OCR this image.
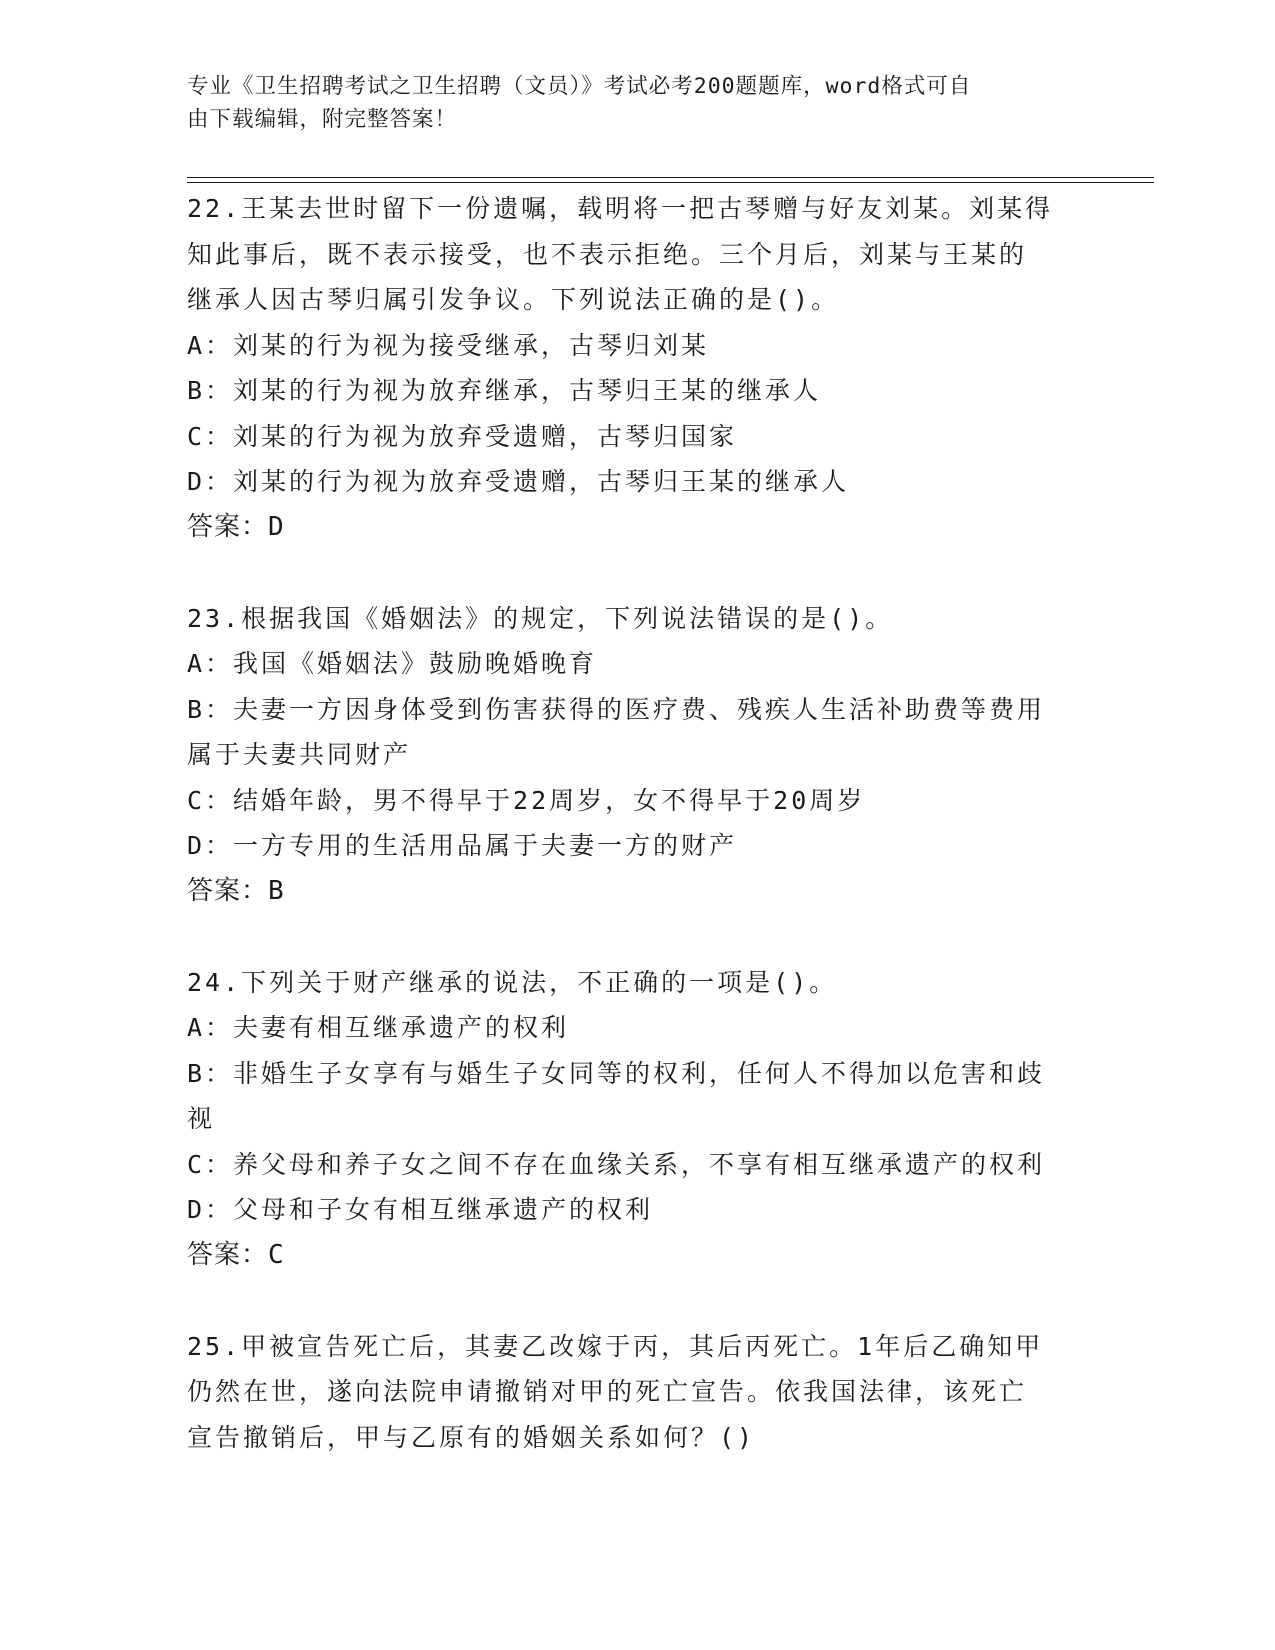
专业《卫生招聘考试之卫生招聘（文员）》考试必考200题题库，word格式可自
由下载编辑，附完整答案！
22.王某去世时留下一份遗嘱，载明将一把古琴赠与好友刘某。刘某得
知此事后，既不表示接受，也不表示拒绝。三个月后，刘某与王某的
继承人因古琴归属引发争议。下列说法正确的是()。
A：刘某的行为视为接受继承，古琴归刘某
B：刘某的行为视为放弃继承，古琴归王某的继承人
C：刘某的行为视为放弃受遗赠，古琴归国家
D：刘某的行为视为放弃受遗赠，古琴归王某的继承人
答案：D
23.根据我国《婚姻法》的规定，下列说法错误的是()。
A：我国《婚姻法》鼓励晚婚晚育
B：夫妻一方因身体受到伤害获得的医疗费、残疾人生活补助费等费用
属于夫妻共同财产
C：结婚年龄，男不得早于22周岁，女不得早于20周岁
D：一方专用的生活用品属于夫妻一方的财产
答案：B
24.下列关于财产继承的说法，不正确的一项是()。
A：夫妻有相互继承遗产的权利
B：非婚生子女享有与婚生子女同等的权利，任何人不得加以危害和歧
视
C：养父母和养子女之间不存在血缘关系，不享有相互继承遗产的权利
D：父母和子女有相互继承遗产的权利
答案：C
25.甲被宣告死亡后，其妻乙改嫁于丙，其后丙死亡。1年后乙确知甲
仍然在世，遂向法院申请撤销对甲的死亡宣告。依我国法律，该死亡
宣告撤销后，甲与乙原有的婚姻关系如何？()
